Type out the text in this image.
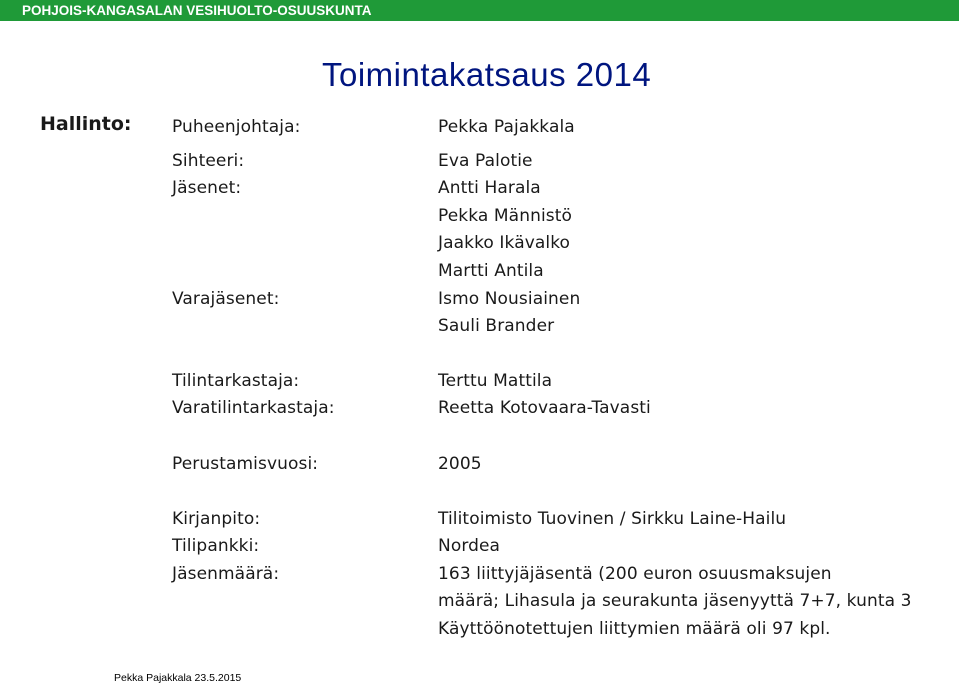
POHJOIS-KANGASALAN VESIHUOLTO-OSUUSKUNTA
Toimintakatsaus 2014
Hallinto: Puheenjohtaja:	Pekka Pajakkala
Sihteeri:	Eva Palotie
Jäsenet:	Antti Harala
Pekka Männistö
Jaakko Ikävalko
Martti Antila
Varajäsenet:	Ismo Nousiainen
Sauli Brander
Tilintarkastaja:	Terttu Mattila
Varatilintarkastaja:	Reetta Kotovaara-Tavasti
Perustamisvuosi:	2005
Kirjanpito:	Tilitoimisto Tuovinen / Sirkku Laine-Hailu
Tilipankki:	Nordea
Jäsenmäärä:	163 liittyjäjäsentä (200 euron osuusmaksujen
määrä; Lihasula ja seurakunta jäsenyyttä 7+7, kunta 3
Käyttöönotettujen liittymien määrä oli 97 kpl.
Pekka Pajakkala 23.5.2015
